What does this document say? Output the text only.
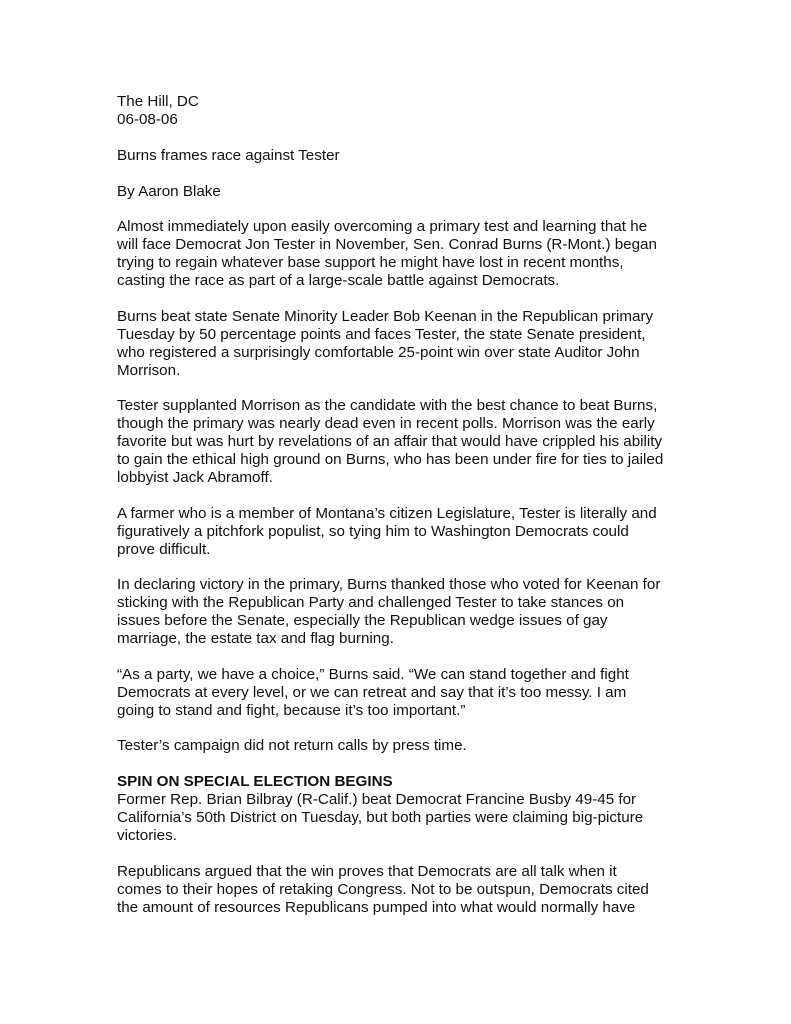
The Hill, DC
06-08-06
Burns frames race against Tester
By Aaron Blake
Almost immediately upon easily overcoming a primary test and learning that he
will face Democrat Jon Tester in November, Sen. Conrad Burns (R-Mont.) began
trying to regain whatever base support he might have lost in recent months,
casting the race as part of a large-scale battle against Democrats.
Burns beat state Senate Minority Leader Bob Keenan in the Republican primary
Tuesday by 50 percentage points and faces Tester, the state Senate president,
who registered a surprisingly comfortable 25-point win over state Auditor John
Morrison.
Tester supplanted Morrison as the candidate with the best chance to beat Burns,
though the primary was nearly dead even in recent polls. Morrison was the early
favorite but was hurt by revelations of an affair that would have crippled his ability
to gain the ethical high ground on Burns, who has been under fire for ties to jailed
lobbyist Jack Abramoff.
A farmer who is a member of Montana’s citizen Legislature, Tester is literally and
figuratively a pitchfork populist, so tying him to Washington Democrats could
prove difficult.
In declaring victory in the primary, Burns thanked those who voted for Keenan for
sticking with the Republican Party and challenged Tester to take stances on
issues before the Senate, especially the Republican wedge issues of gay
marriage, the estate tax and flag burning.
“As a party, we have a choice,” Burns said. “We can stand together and fight
Democrats at every level, or we can retreat and say that it’s too messy. I am
going to stand and fight, because it’s too important.”
Tester’s campaign did not return calls by press time.
SPIN ON SPECIAL ELECTION BEGINS
Former Rep. Brian Bilbray (R-Calif.) beat Democrat Francine Busby 49-45 for
California’s 50th District on Tuesday, but both parties were claiming big-picture
victories.
Republicans argued that the win proves that Democrats are all talk when it
comes to their hopes of retaking Congress. Not to be outspun, Democrats cited
the amount of resources Republicans pumped into what would normally have
